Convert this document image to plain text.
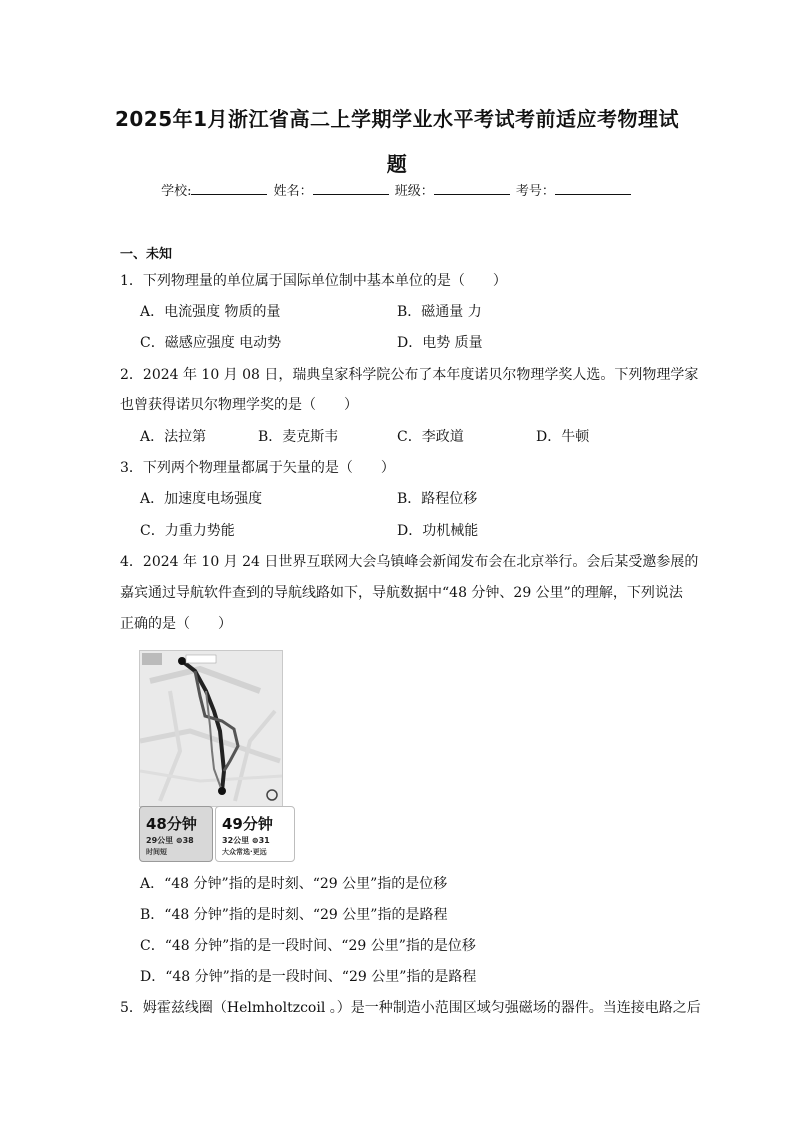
2025年1月浙江省高二上学期学业水平考试考前适应考物理试
题
学校:	姓名：	班级：	考号：
一、未知
1．下列物理量的单位属于国际单位制中基本单位的是（　　）
A．电流强度 物质的量	B．磁通量 力
C．磁感应强度 电动势	D．电势 质量
2．2024 年 10 月 08 日，瑞典皇家科学院公布了本年度诺贝尔物理学奖人选。下列物理学家
也曾获得诺贝尔物理学奖的是（　　）
A．法拉第	B．麦克斯韦	C．李政道	D．牛顿
3．下列两个物理量都属于矢量的是（　　）
A．加速度电场强度	B．路程位移
C．力重力势能	D．功机械能
4．2024 年 10 月 24 日世界互联网大会乌镇峰会新闻发布会在北京举行。会后某受邀参展的
嘉宾通过导航软件查到的导航线路如下，导航数据中“48 分钟、29 公里”的理解，下列说法
正确的是（　　）
48分钟
29公里 ⊜38
时间短
49分钟
32公里 ⊜31
大众常选·更远
A．“48 分钟”指的是时刻、“29 公里”指的是位移
B．“48 分钟”指的是时刻、“29 公里”指的是路程
C．“48 分钟”指的是一段时间、“29 公里”指的是位移
D．“48 分钟”指的是一段时间、“29 公里”指的是路程
5．姆霍兹线圈（Helmholtzcoil 。）是一种制造小范围区域匀强磁场的器件。当连接电路之后
